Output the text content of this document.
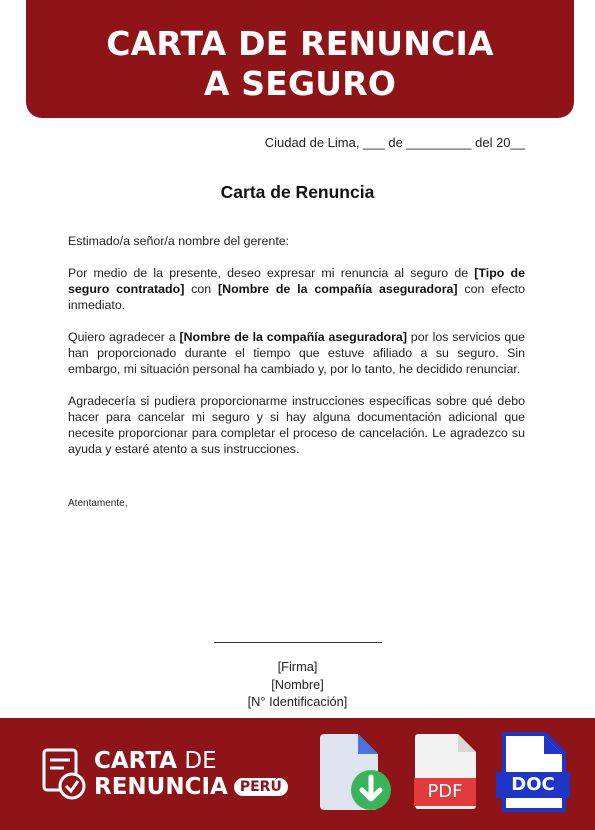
CARTA DE RENUNCIA
A SEGURO
Ciudad de Lima, ___ de _________ del 20__
Carta de Renuncia

Estimado/a señor/a nombre del gerente:

Por medio de la presente, deseo expresar mi renuncia al seguro de [Tipo de seguro contratado] con [Nombre de la compañía aseguradora] con efecto inmediato.

Quiero agradecer a [Nombre de la compañía aseguradora] por los servicios que han proporcionado durante el tiempo que estuve afiliado a su seguro. Sin embargo, mi situación personal ha cambiado y, por lo tanto, he decidido renunciar.

Agradecería si pudiera proporcionarme instrucciones específicas sobre qué debo hacer para cancelar mi seguro y si hay alguna documentación adicional que necesite proporcionar para completar el proceso de cancelación. Le agradezco su ayuda y estaré atento a sus instrucciones.

Atentamente,
[Firma]
[Nombre]
[N° Identificación]
CARTA DE
RENUNCIA PERÚ	PDF	DOC
